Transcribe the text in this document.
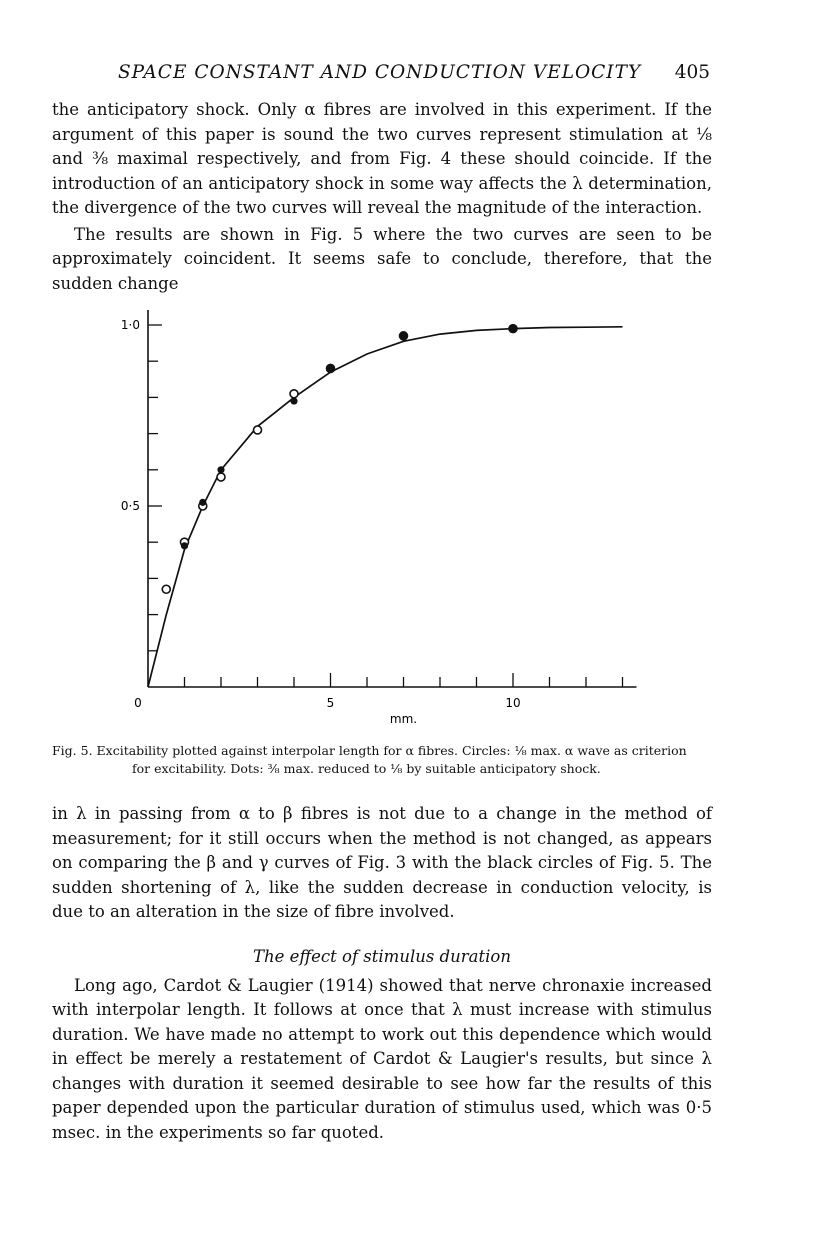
SPACE CONSTANT AND CONDUCTION VELOCITY 405

the anticipatory shock. Only α fibres are involved in this experiment. If the argument of this paper is sound the two curves represent stimulation at ⅛ and ⅜ maximal respectively, and from Fig. 4 these should coincide. If the introduction of an anticipatory shock in some way affects the λ determination, the divergence of the two curves will reveal the magnitude of the interaction.

The results are shown in Fig. 5 where the two curves are seen to be approximately coincident. It seems safe to conclude, therefore, that the sudden change

0	5	10
0·5
1·0
mm.
Fig. 5. Excitability plotted against interpolar length for α fibres. Circles: ⅛ max. α wave as criterion
for excitability. Dots: ⅜ max. reduced to ⅛ by suitable anticipatory shock.

in λ in passing from α to β fibres is not due to a change in the method of measurement; for it still occurs when the method is not changed, as appears on comparing the β and γ curves of Fig. 3 with the black circles of Fig. 5. The sudden shortening of λ, like the sudden decrease in conduction velocity, is due to an alteration in the size of fibre involved.

The effect of stimulus duration

Long ago, Cardot & Laugier (1914) showed that nerve chronaxie increased with interpolar length. It follows at once that λ must increase with stimulus duration. We have made no attempt to work out this dependence which would in effect be merely a restatement of Cardot & Laugier's results, but since λ changes with duration it seemed desirable to see how far the results of this paper depended upon the particular duration of stimulus used, which was 0·5 msec. in the experiments so far quoted.
